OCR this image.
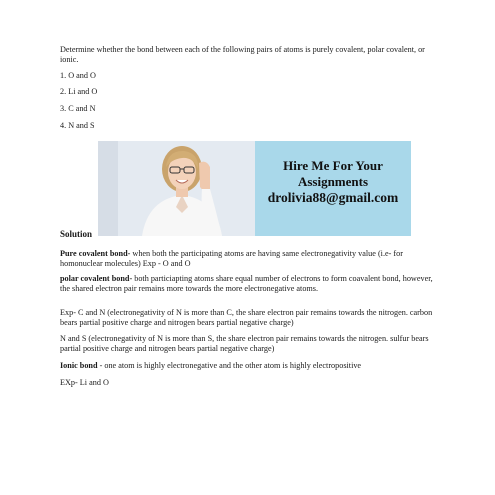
Determine whether the bond between each of the following pairs of atoms is purely covalent, polar covalent, or ionic.

1. O and O

2. Li and O

3. C and N

4. N and S

Hire Me For Your
Assignments
drolivia88@gmail.com
Solution

Pure covalent bond- when both the participating atoms are having same electronegativity value (i.e- for homonuclear molecules) Exp - O and O

polar covalent bond- both particiapting atoms share equal number of electrons to form coavalent bond, however, the shared electron pair remains more towards the more electronegative atoms.

Exp- C and N (electronegativity of N is more than C, the share electron pair remains towards the nitrogen. carbon bears partial positive charge and nitrogen bears partial negative charge)

N and S (electronegativity of N is more than S, the share electron pair remains towards the nitrogen. sulfur bears partial positive charge and nitrogen bears partial negative charge)

Ionic bond - one atom is highly electronegative and the other atom is highly electropositive

EXp- Li and O
